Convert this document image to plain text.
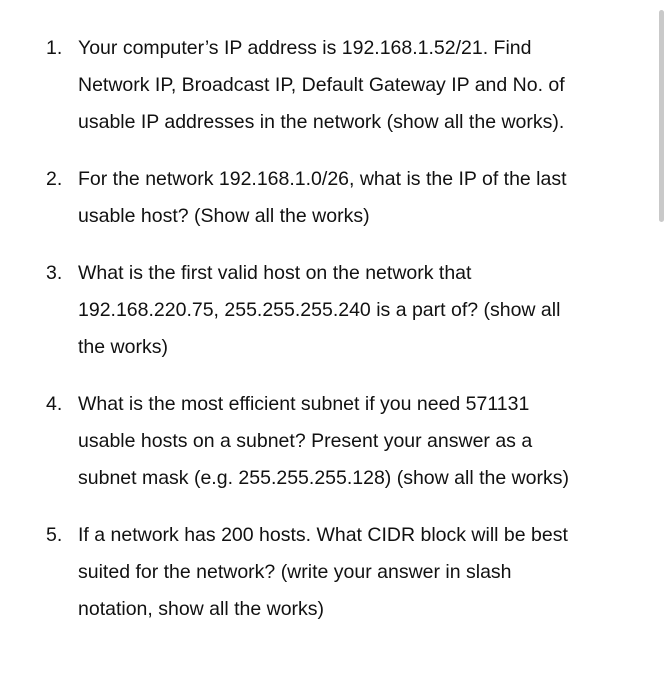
1. Your computer’s IP address is 192.168.1.52/21. Find
Network IP, Broadcast IP, Default Gateway IP and No. of
usable IP addresses in the network (show all the works).
2. For the network 192.168.1.0/26, what is the IP of the last
usable host? (Show all the works)
3. What is the first valid host on the network that
192.168.220.75, 255.255.255.240 is a part of? (show all
the works)
4. What is the most efficient subnet if you need 571131
usable hosts on a subnet? Present your answer as a
subnet mask (e.g. 255.255.255.128) (show all the works)
5. If a network has 200 hosts. What CIDR block will be best
suited for the network? (write your answer in slash
notation, show all the works)
